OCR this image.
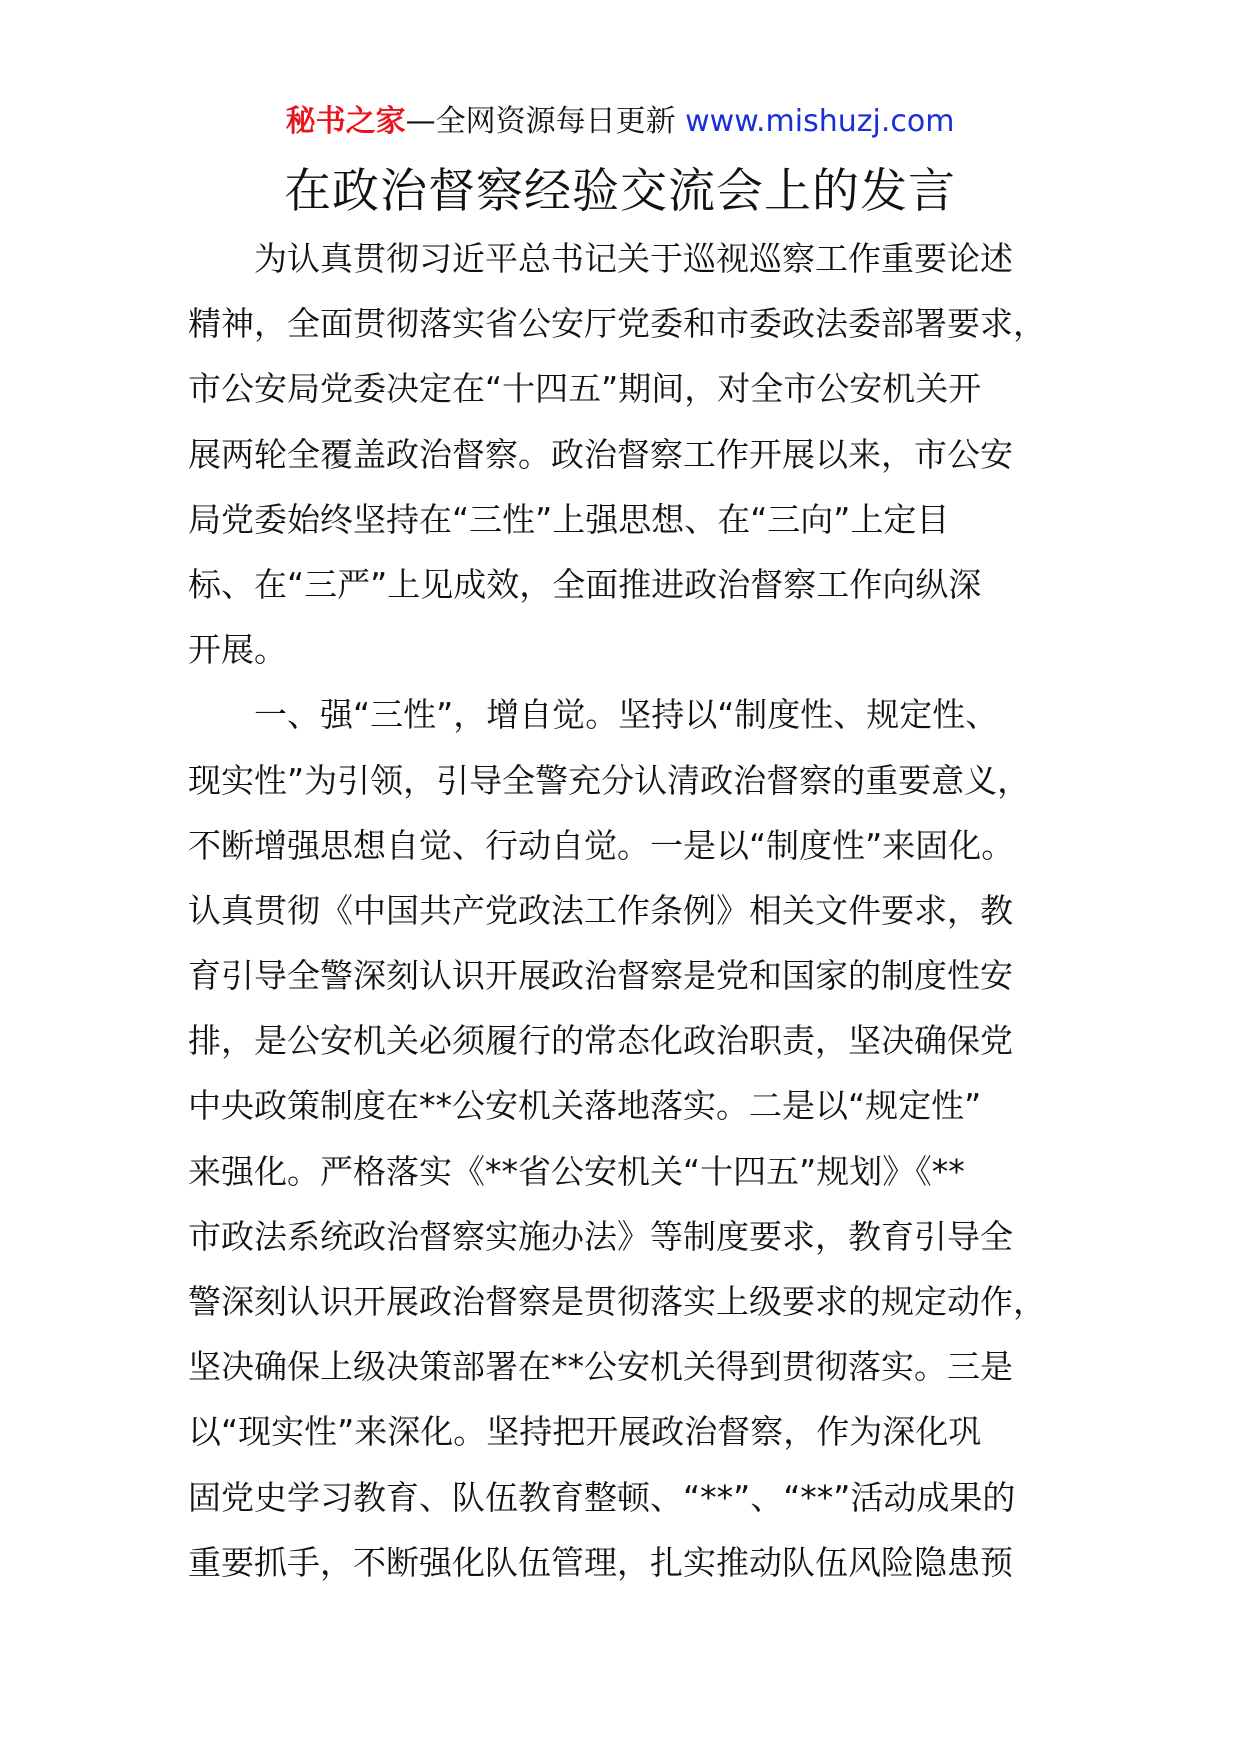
秘书之家—全网资源每日更新 www.mishuzj.com
在政治督察经验交流会上的发言
为认真贯彻习近平总书记关于巡视巡察工作重要论述
精神，全面贯彻落实省公安厅党委和市委政法委部署要求，
市公安局党委决定在“十四五”期间，对全市公安机关开
展两轮全覆盖政治督察。政治督察工作开展以来，市公安
局党委始终坚持在“三性”上强思想、在“三向”上定目
标、在“三严”上见成效，全面推进政治督察工作向纵深
开展。
一、强“三性”，增自觉。坚持以“制度性、规定性、
现实性”为引领，引导全警充分认清政治督察的重要意义，
不断增强思想自觉、行动自觉。一是以“制度性”来固化。
认真贯彻《中国共产党政法工作条例》相关文件要求，教
育引导全警深刻认识开展政治督察是党和国家的制度性安
排，是公安机关必须履行的常态化政治职责，坚决确保党
中央政策制度在**公安机关落地落实。二是以“规定性”
来强化。严格落实《**省公安机关“十四五”规划》《**
市政法系统政治督察实施办法》等制度要求，教育引导全
警深刻认识开展政治督察是贯彻落实上级要求的规定动作，
坚决确保上级决策部署在**公安机关得到贯彻落实。三是
以“现实性”来深化。坚持把开展政治督察，作为深化巩
固党史学习教育、队伍教育整顿、“**”、“**”活动成果的
重要抓手，不断强化队伍管理，扎实推动队伍风险隐患预
